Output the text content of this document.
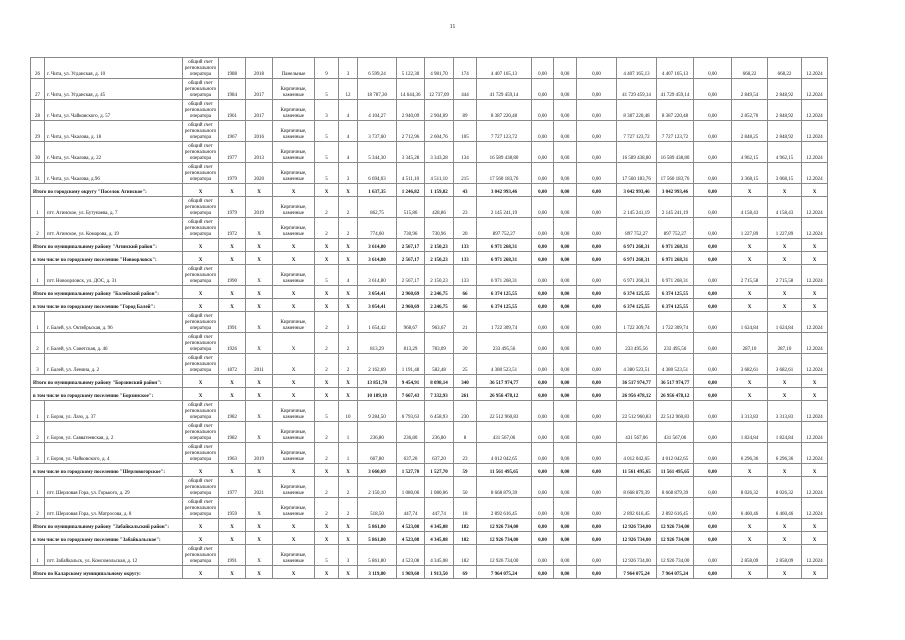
11
26	г. Чита, ул. Угданская, д. 10	общий счет регионального оператора	1988	2018	Панельные	9	3	6 599,24	5 122,30	4 981,70	174	4 407 165,13	0,00	0,00	0,00	4 407 165,13	4 407 165,13	0,00	668,22	668,22	12.2024
27	г. Чита, ул. Угданская, д. 45	общий счет регионального оператора	1984	2017	Кирпичные, каменные	5	12	18 787,30	14 644,36	12 737,09	444	41 729 459,14	0,00	0,00	0,00	41 729 459,14	41 729 459,14	0,00	2 849,54	2 848,92	12.2024
28	г. Чита, ул. Чайковского, д. 57	общий счет регионального оператора	1961	2017	Кирпичные, каменные	3	4	4 104,27	2 940,09	2 904,09	89	8 387 220,48	0,00	0,00	0,00	8 387 220,48	8 387 220,48	0,00	2 852,70	2 848,92	12.2024
29	г. Чита, ул. Чкалова, д. 18	общий счет регионального оператора	1967	2016	Кирпичные, каменные	5	4	3 737,60	2 712,96	2 604,76	105	7 727 123,72	0,00	0,00	0,00	7 727 123,72	7 727 123,72	0,00	2 848,25	2 848,92	12.2024
30	г. Чита, ул. Чкалова, д. 22	общий счет регионального оператора	1977	2013	Кирпичные, каменные	5	4	5 344,30	3 345,28	3 343,28	134	16 589 438,80	0,00	0,00	0,00	16 589 438,80	16 589 438,80	0,00	4 962,15	4 962,15	12.2024
31	г. Чита, ул. Чкалова, д.96	общий счет регионального оператора	1979	2020	Кирпичные, каменные	5	3	6 694,03	4 511,10	4 511,10	215	17 560 183,76	0,00	0,00	0,00	17 560 183,76	17 560 183,76	0,00	3 368,15	3 068,15	12.2024
Итого по городскому округу "Поселок Агинское":		X	X	X	X	X	X	1 637,35	1 246,82	1 159,82	43	3 042 993,46	0,00	0,00	0,00	3 042 993,46	3 042 993,46	0,00	X	X	X
1	пгт. Агинское, ул. Бутунаева, д. 7	общий счет регионального оператора	1979	2019	Кирпичные, каменные	2	2	862,75	515,86	428,86	23	2 145 241,19	0,00	0,00	0,00	2 145 241,19	2 145 241,19	0,00	4 158,43	4 158,43	12.2024
2	пгт. Агинское, ул. Комарова, д. 19	общий счет регионального оператора	1972	X	Кирпичные, каменные	2	2	774,60	730,96	730,96	20	897 752,27	0,00	0,00	0,00	897 752,27	897 752,27	0,00	1 227,89	1 227,89	12.2024
Итого по муниципальному району "Агинский район":		X	X	X	X	X	X	3 614,80	2 567,17	2 150,23	133	6 971 268,31	0,00	0,00	0,00	6 971 268,31	6 971 268,31	0,00	X	X	X
в том числе по городскому поселению "Новоорловск":		X	X	X	X	X	X	3 614,80	2 567,17	2 150,23	133	6 971 268,31	0,00	0,00	0,00	6 971 268,31	6 971 268,31	0,00	X	X	X
1	пгт. Новоорловск, ул. ДОС, д. 31	общий счет регионального оператора	1990	X	Кирпичные, каменные	5	4	3 614,80	2 567,17	2 150,23	133	6 971 268,31	0,00	0,00	0,00	6 971 268,31	6 971 268,31	0,00	2 715,58	2 715,58	12.2024
Итого по муниципальному району "Балейский район":		X	X	X	X	X	X	3 054,41	2 960,69	2 246,75	66	6 374 125,55	0,00	0,00	0,00	6 374 125,55	6 374 125,55	0,00	X	X	X
в том числе по городскому поселению "Город Балей":		X	X	X	X	X	X	3 054,41	2 960,69	2 246,75	66	6 374 125,55	0,00	0,00	0,00	6 374 125,55	6 374 125,55	0,00	X	X	X
1	г. Балей, ул. Октябрьская, д. 96	общий счет регионального оператора	1991	X	Кирпичные, каменные	2	3	1 654,42	968,67	963,67	21	1 722 309,74	0,00	0,00	0,00	1 722 309,74	1 722 309,74	0,00	1 624,84	1 624,84	12.2024
2	г. Балей, ул. Советская, д. 46	общий счет регионального оператора	1926	X	X	2	2	813,29	813,29	783,09	20	233 495,56	0,00	0,00	0,00	233 495,56	233 495,56	0,00	287,10	287,10	12.2024
3	г. Балей, ул. Ленина, д. 2	общий счет регионального оператора	1872	2011	X	2	2	2 162,69	1 191,48	582,48	25	4 380 523,51	0,00	0,00	0,00	4 380 523,51	4 380 523,51	0,00	3 682,61	3 682,61	12.2024
Итого по муниципальному району "Борзинский район":		X	X	X	X	X	X	13 851,70	9 454,91	8 098,14	340	36 517 974,77	0,00	0,00	0,00	36 517 974,77	36 517 974,77	0,00	X	X	X
в том числе по городскому поселению "Борзинское":		X	X	X	X	X	X	10 189,10	7 667,43	7 332,93	261	26 956 478,12	0,00	0,00	0,00	26 956 478,12	26 956 478,12	0,00	X	X	X
1	г. Борзя, ул. Лазо, д. 37	общий счет регионального оператора	1982	X	Кирпичные, каменные	5	10	9 284,50	6 793,63	6 458,93	230	22 512 960,83	0,00	0,00	0,00	22 512 960,83	22 512 960,83	0,00	3 313,83	3 313,83	12.2024
2	г. Борзя, ул. Савватеевская, д. 2	общий счет регионального оператора	1982	X	Кирпичные, каменные	2	1	236,80	236,80	236,80	8	431 567,06	0,00	0,00	0,00	431 567,06	431 567,06	0,00	1 824,84	1 824,84	12.2024
3	г. Борзя, ул. Чайковского, д. 4	общий счет регионального оператора	1963	2019	Кирпичные, каменные	2	1	667,80	637,20	637,20	23	4 012 042,65	0,00	0,00	0,00	4 012 042,65	4 012 042,65	0,00	6 296,36	6 296,36	12.2024
в том числе по городскому поселению "Шерловогорское":		X	X	X	X	X	X	3 660,69	1 527,70	1 527,70	59	11 561 495,65	0,00	0,00	0,00	11 561 495,65	11 561 495,65	0,00	X	X	X
1	пгт. Шерловая Гора, ул. Горького, д. 29	общий счет регионального оператора	1977	2021	Кирпичные, каменные	2	2	2 150,10	1 080,06	1 080,06	50	8 668 879,39	0,00	0,00	0,00	8 668 879,39	8 668 879,39	0,00	8 026,32	8 026,32	12.2024
2	пгт. Шерловая Гора, ул. Матросова, д. 8	общий счет регионального оператора	1959	X	Кирпичные, каменные	2	2	518,50	447,74	447,74	18	2 892 616,45	0,00	0,00	0,00	2 892 616,45	2 892 616,45	0,00	6 460,46	6 460,46	12.2024
Итого по муниципальному району "Забайкальский район":		X	X	X	X	X	X	5 861,80	4 523,08	4 345,08	182	12 926 734,00	0,00	0,00	0,00	12 926 734,00	12 926 734,00	0,00	X	X	X
в том числе по городскому поселению "Забайкальское":		X	X	X	X	X	X	5 861,80	4 523,08	4 345,08	182	12 926 734,00	0,00	0,00	0,00	12 926 734,00	12 926 734,00	0,00	X	X	X
1	пгт. Забайкальск, ул. Комсомольская, д. 12	общий счет регионального оператора	1991	X	Кирпичные, каменные	5	3	5 861,80	4 523,08	4 345,08	182	12 926 734,00	0,00	0,00	0,00	12 926 734,00	12 926 734,00	0,00	2 858,09	2 858,09	12.2024
Итого по Каларскому муниципальному округу:		X	X	X	X	X	X	3 119,80	1 969,60	1 913,50	69	7 964 075,24	0,00	0,00	0,00	7 964 075,24	7 964 075,24	0,00	X	X	X
